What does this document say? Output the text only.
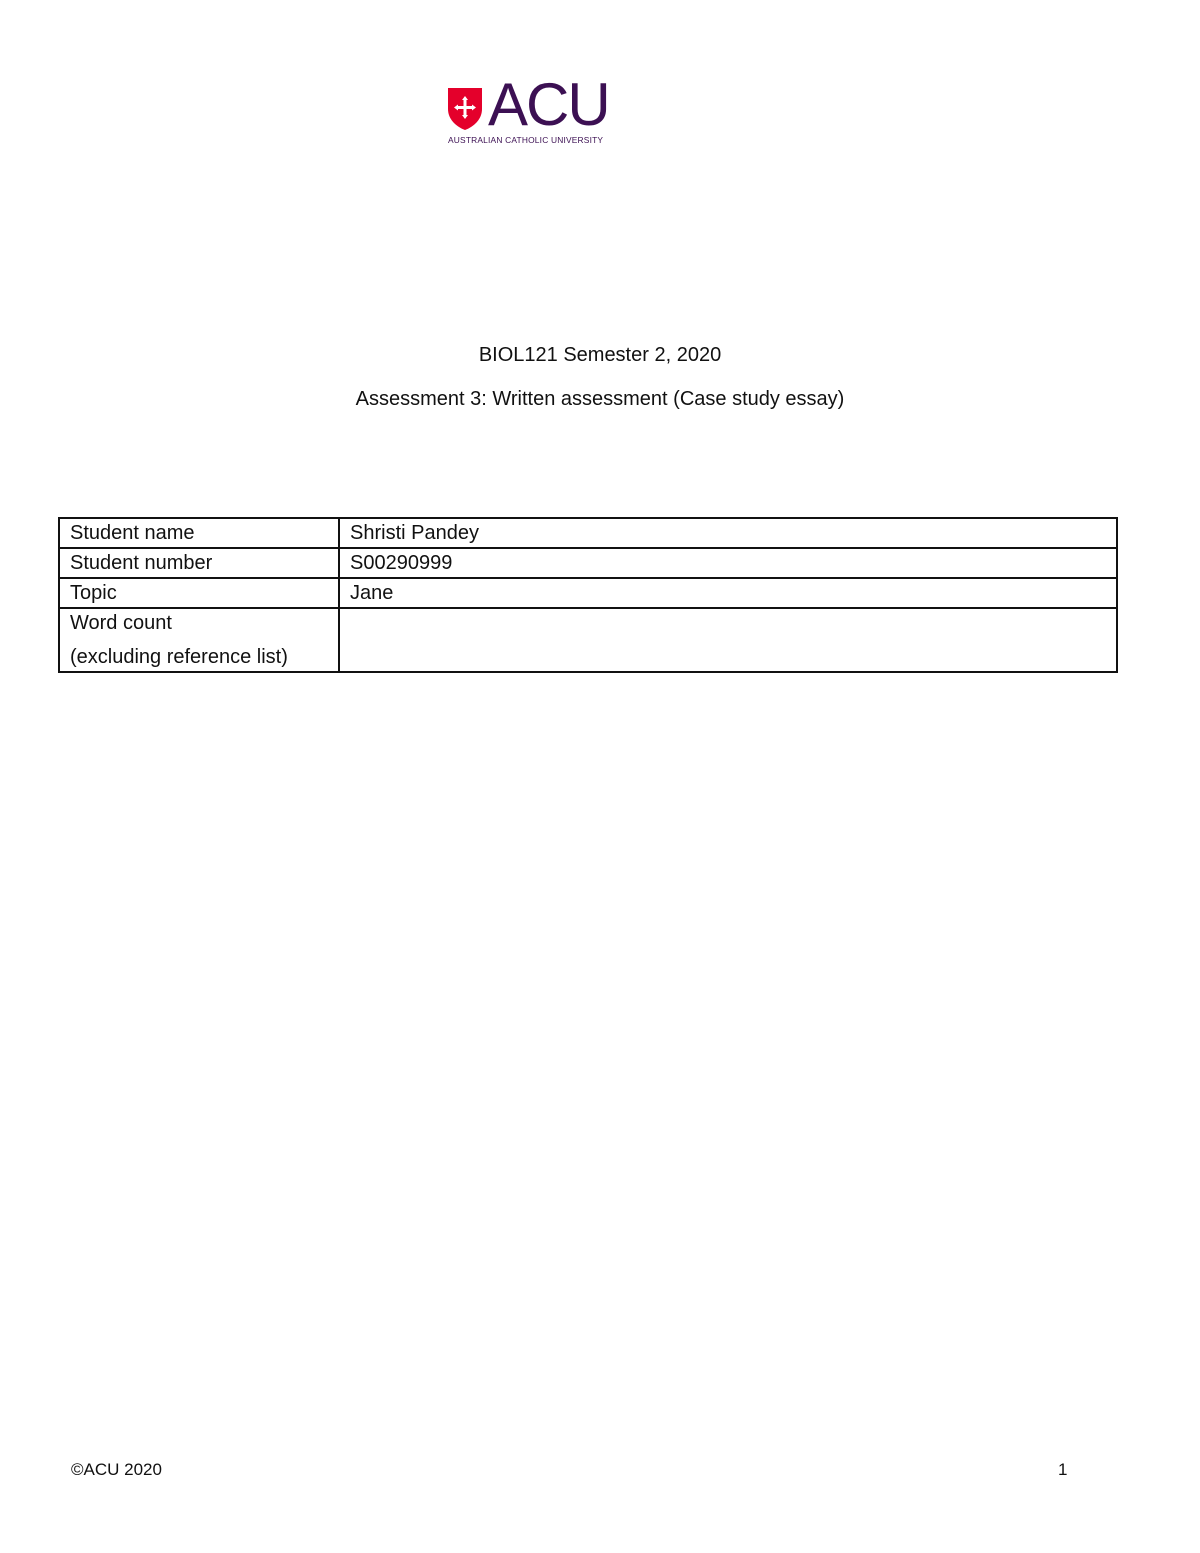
ACU
AUSTRALIAN CATHOLIC UNIVERSITY
BIOL121 Semester 2, 2020
Assessment 3: Written assessment (Case study essay)
Student name	Shristi Pandey
Student number	S00290999
Topic	Jane
Word count
(excluding reference list)	

©ACU 2020	1
